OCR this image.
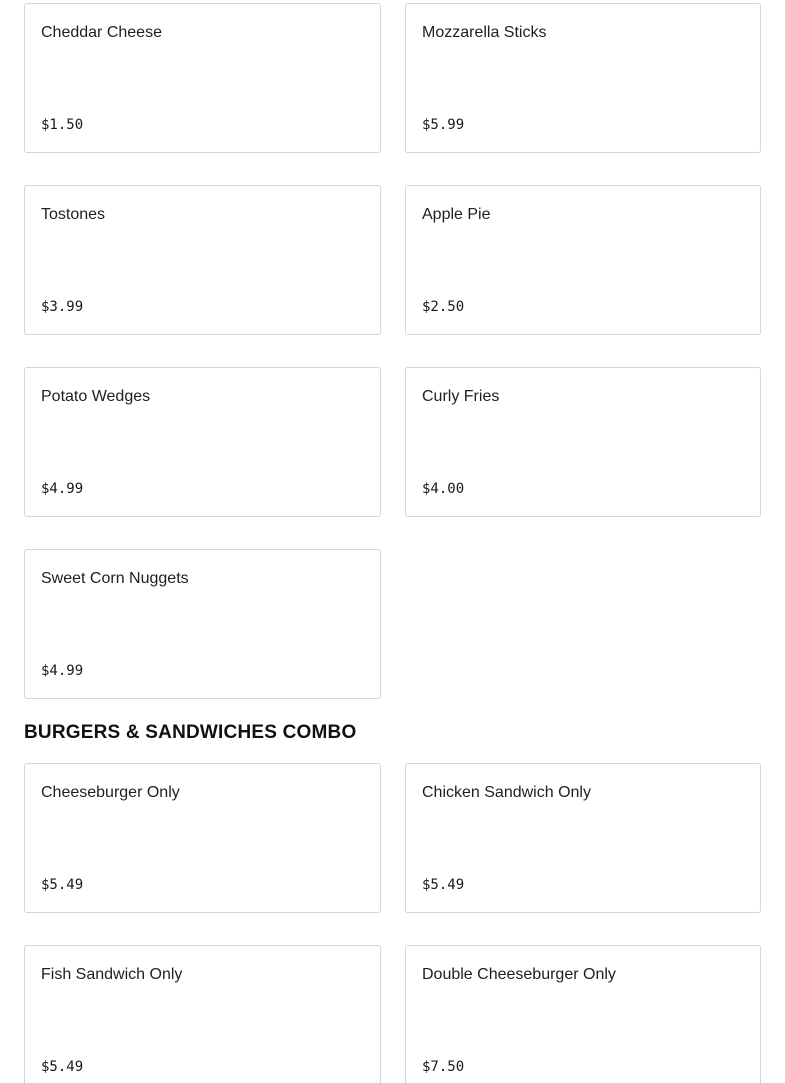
Cheddar Cheese
$1.50
Mozzarella Sticks
$5.99
Tostones
$3.99
Apple Pie
$2.50
Potato Wedges
$4.99
Curly Fries
$4.00
Sweet Corn Nuggets
$4.99
BURGERS & SANDWICHES COMBO
Cheeseburger Only
$5.49
Chicken Sandwich Only
$5.49
Fish Sandwich Only
$5.49
Double Cheeseburger Only
$7.50
